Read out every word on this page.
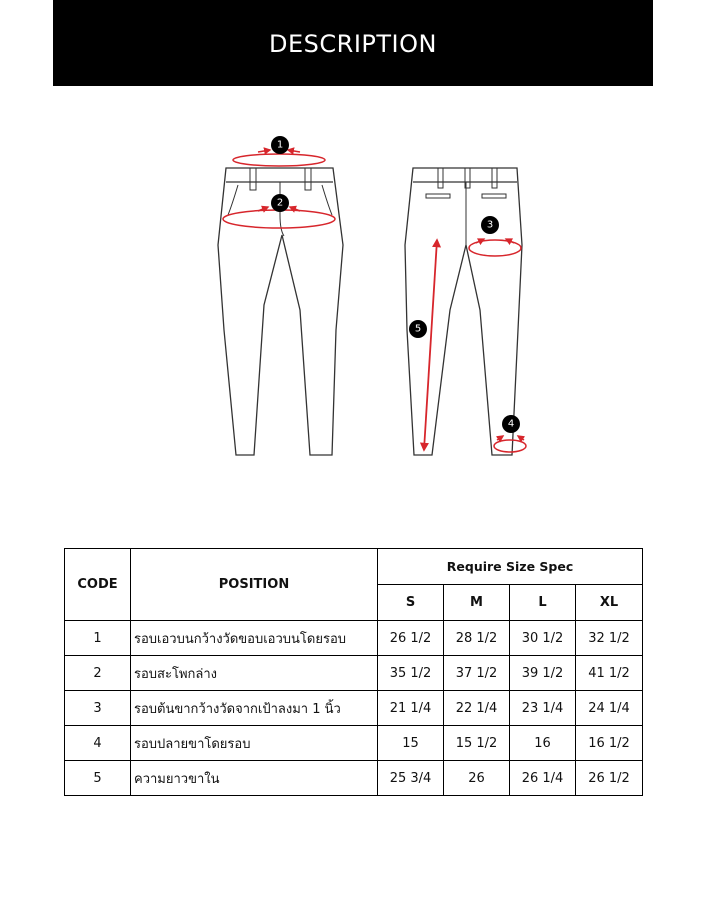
DESCRIPTION
1
2
3
5
4
CODE	POSITION	Require Size Spec			
		S	M	L	XL
1	รอบเอวบนกว้างวัดขอบเอวบนโดยรอบ	26 1/2	28 1/2	30 1/2	32 1/2
2	รอบสะโพกล่าง	35 1/2	37 1/2	39 1/2	41 1/2
3	รอบต้นขากว้างวัดจากเป้าลงมา 1 นิ้ว	21 1/4	22 1/4	23 1/4	24 1/4
4	รอบปลายขาโดยรอบ	15	15 1/2	16	16 1/2
5	ความยาวขาใน	25 3/4	26	26 1/4	26 1/2
